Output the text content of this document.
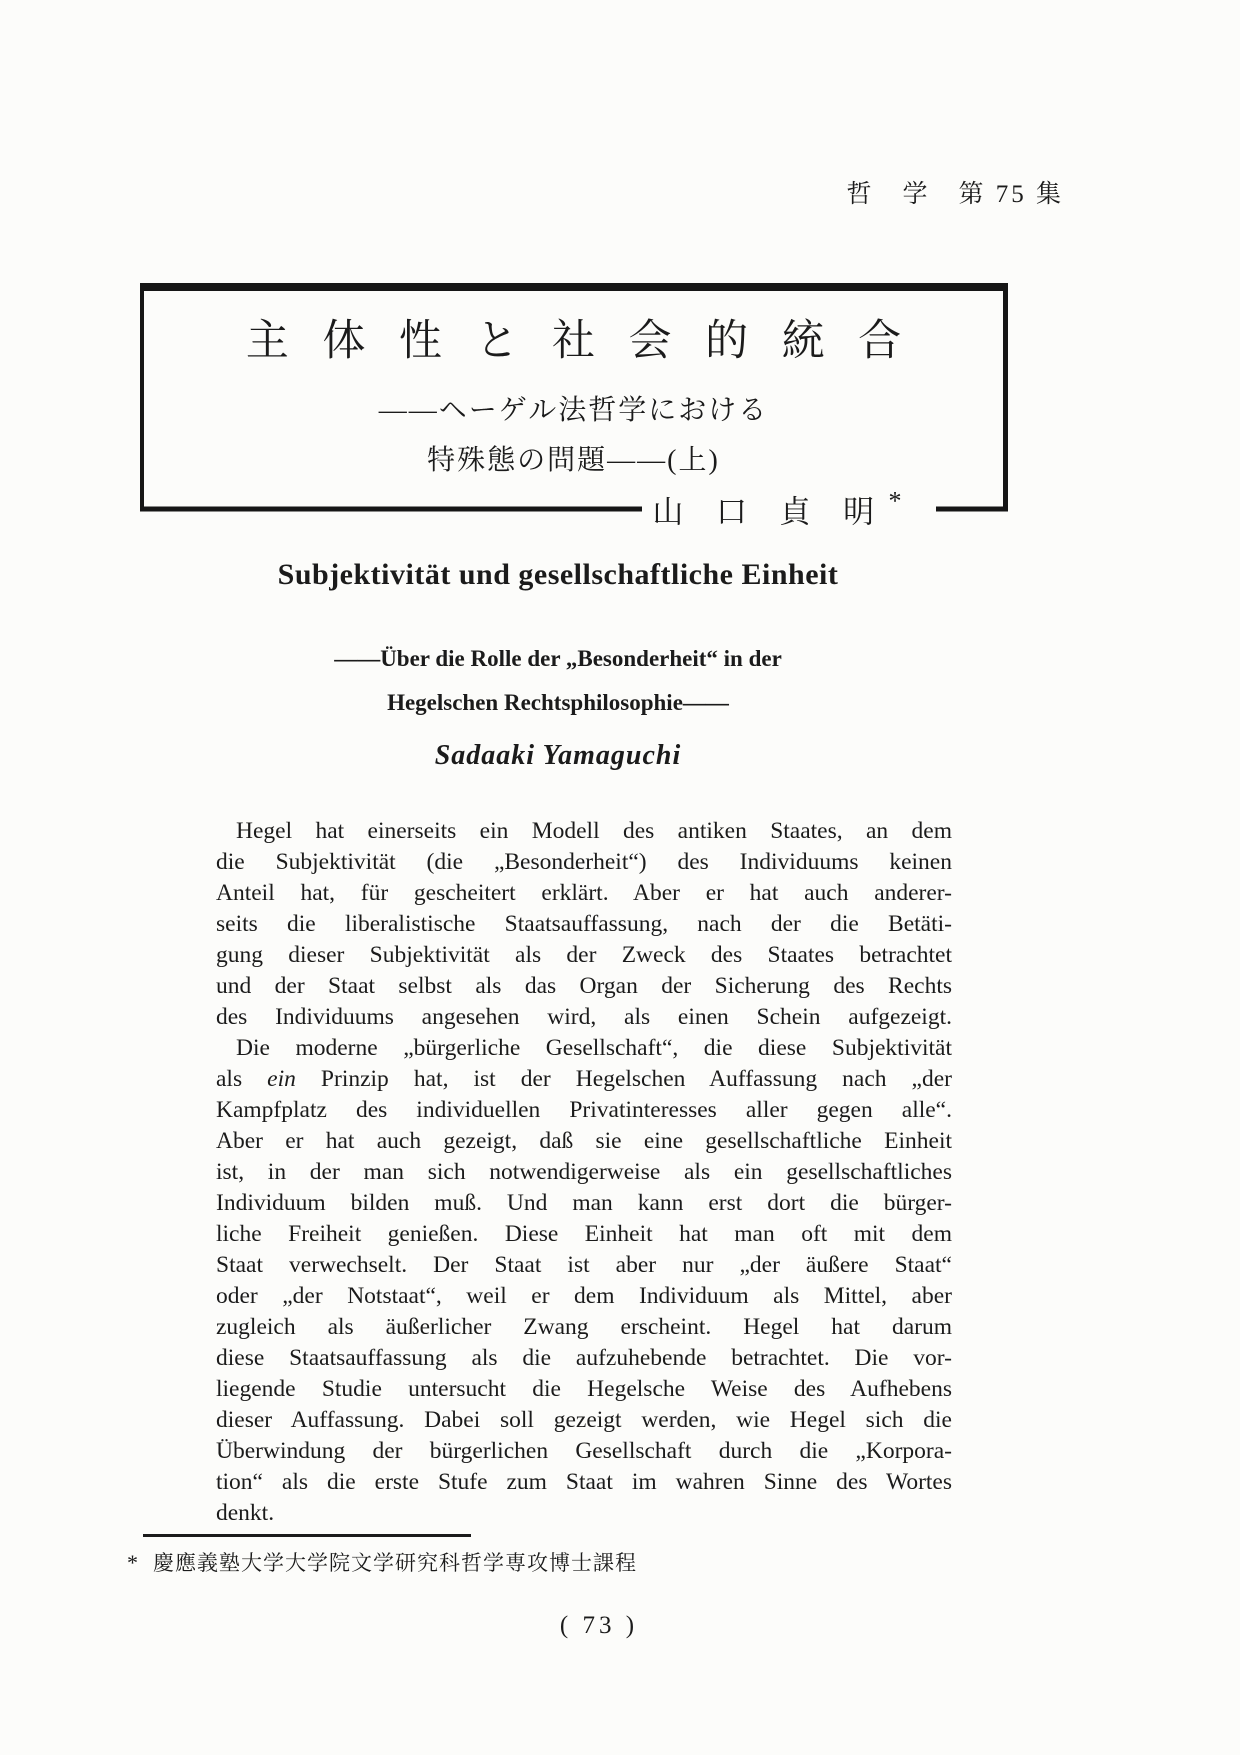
哲　学　第 75 集
主体性と社会的統合
——ヘーゲル法哲学における
特殊態の問題——(上)
山口貞明*
Subjektivität und gesellschaftliche Einheit
——Über die Rolle der „Besonderheit“ in der
Hegelschen Rechtsphilosophie——
Sadaaki Yamaguchi
Hegel hat einerseits ein Modell des antiken Staates, an dem
die Subjektivität (die „Besonderheit“) des Individuums keinen
Anteil hat, für gescheitert erklärt. Aber er hat auch anderer-
seits die liberalistische Staatsauffassung, nach der die Betäti-
gung dieser Subjektivität als der Zweck des Staates betrachtet
und der Staat selbst als das Organ der Sicherung des Rechts
des Individuums angesehen wird, als einen Schein aufgezeigt.
Die moderne „bürgerliche Gesellschaft“, die diese Subjektivität
als ein Prinzip hat, ist der Hegelschen Auffassung nach „der
Kampfplatz des individuellen Privatinteresses aller gegen alle“.
Aber er hat auch gezeigt, daß sie eine gesellschaftliche Einheit
ist, in der man sich notwendigerweise als ein gesellschaftliches
Individuum bilden muß. Und man kann erst dort die bürger-
liche Freiheit genießen. Diese Einheit hat man oft mit dem
Staat verwechselt. Der Staat ist aber nur „der äußere Staat“
oder „der Notstaat“, weil er dem Individuum als Mittel, aber
zugleich als äußerlicher Zwang erscheint. Hegel hat darum
diese Staatsauffassung als die aufzuhebende betrachtet. Die vor-
liegende Studie untersucht die Hegelsche Weise des Aufhebens
dieser Auffassung. Dabei soll gezeigt werden, wie Hegel sich die
Überwindung der bürgerlichen Gesellschaft durch die „Korpora-
tion“ als die erste Stufe zum Staat im wahren Sinne des Wortes
denkt.
* 慶應義塾大学大学院文学研究科哲学専攻博士課程
( 73 )
